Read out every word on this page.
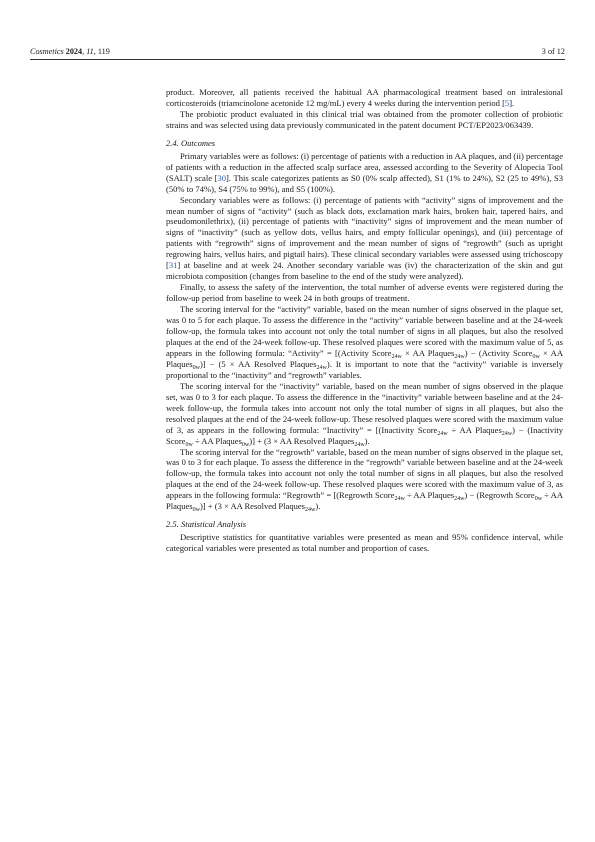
Cosmetics 2024, 11, 119	3 of 12

product. Moreover, all patients received the habitual AA pharmacological treatment based on intralesional corticosteroids (triamcinolone acetonide 12 mg/mL) every 4 weeks during the intervention period [5].

The probiotic product evaluated in this clinical trial was obtained from the promoter collection of probiotic strains and was selected using data previously communicated in the patent document PCT/EP2023/063439.

2.4. Outcomes

Primary variables were as follows: (i) percentage of patients with a reduction in AA plaques, and (ii) percentage of patients with a reduction in the affected scalp surface area, assessed according to the Severity of Alopecia Tool (SALT) scale [30]. This scale categorizes patients as S0 (0% scalp affected), S1 (1% to 24%), S2 (25 to 49%), S3 (50% to 74%), S4 (75% to 99%), and S5 (100%).

Secondary variables were as follows: (i) percentage of patients with “activity” signs of improvement and the mean number of signs of “activity” (such as black dots, exclamation mark hairs, broken hair, tapered hairs, and pseudomonilethrix), (ii) percentage of patients with “inactivity” signs of improvement and the mean number of signs of “inactivity” (such as yellow dots, vellus hairs, and empty follicular openings), and (iii) percentage of patients with “regrowth” signs of improvement and the mean number of signs of “regrowth” (such as upright regrowing hairs, vellus hairs, and pigtail hairs). These clinical secondary variables were assessed using trichoscopy [31] at baseline and at week 24. Another secondary variable was (iv) the characterization of the skin and gut microbiota composition (changes from baseline to the end of the study were analyzed).

Finally, to assess the safety of the intervention, the total number of adverse events were registered during the follow-up period from baseline to week 24 in both groups of treatment.

The scoring interval for the “activity” variable, based on the mean number of signs observed in the plaque set, was 0 to 5 for each plaque. To assess the difference in the “activity” variable between baseline and at the 24-week follow-up, the formula takes into account not only the total number of signs in all plaques, but also the resolved plaques at the end of the 24-week follow-up. These resolved plaques were scored with the maximum value of 5, as appears in the following formula: “Activity” = [(Activity Score$_{24w}$ × AA Plaques$_{24w}$) − (Activity Score$_{0w}$ × AA Plaques$_{0w}$)] − (5 × AA Resolved Plaques$_{24w}$). It is important to note that the “activity” variable is inversely proportional to the “inactivity” and “regrowth” variables.

The scoring interval for the “inactivity” variable, based on the mean number of signs observed in the plaque set, was 0 to 3 for each plaque. To assess the difference in the “inactivity” variable between baseline and at the 24-week follow-up, the formula takes into account not only the total number of signs in all plaques, but also the resolved plaques at the end of the 24-week follow-up. These resolved plaques were scored with the maximum value of 3, as appears in the following formula: “Inactivity” = [(Inactivity Score$_{24w}$ ÷ AA Plaques$_{24w}$) − (Inactivity Score$_{0w}$ ÷ AA Plaques$_{0w}$)] + (3 × AA Resolved Plaques$_{24w}$).

The scoring interval for the “regrowth” variable, based on the mean number of signs observed in the plaque set, was 0 to 3 for each plaque. To assess the difference in the “regrowth” variable between baseline and at the 24-week follow-up, the formula takes into account not only the total number of signs in all plaques, but also the resolved plaques at the end of the 24-week follow-up. These resolved plaques were scored with the maximum value of 3, as appears in the following formula: “Regrowth” = [(Regrowth Score$_{24w}$ ÷ AA Plaques$_{24w}$) − (Regrowth Score$_{0w}$ ÷ AA Plaques$_{0w}$)] + (3 × AA Resolved Plaques$_{24w}$).

2.5. Statistical Analysis

Descriptive statistics for quantitative variables were presented as mean and 95% confidence interval, while categorical variables were presented as total number and proportion of cases.
